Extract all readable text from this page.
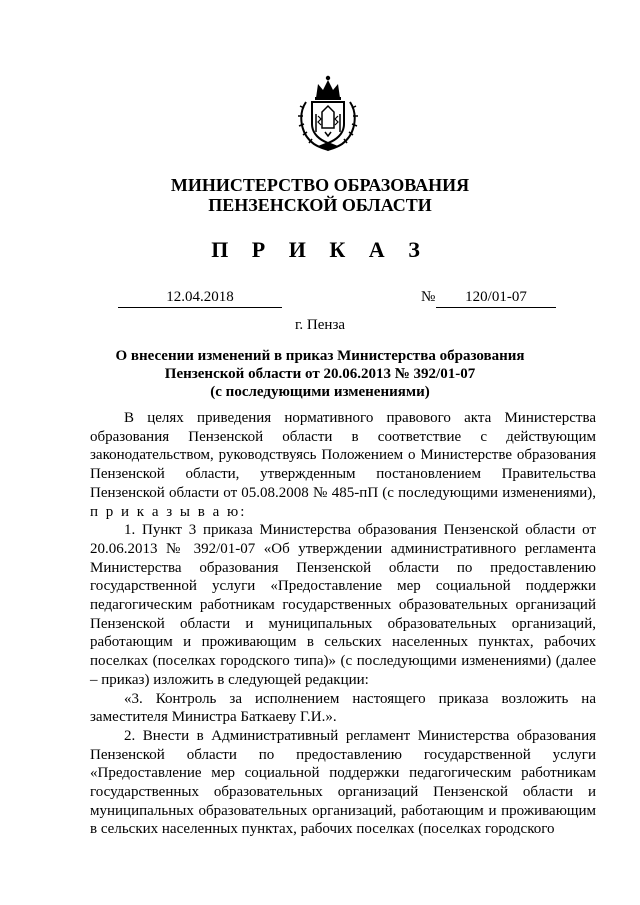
МИНИСТЕРСТВО ОБРАЗОВАНИЯ
ПЕНЗЕНСКОЙ ОБЛАСТИ
П Р И К А З
12.04.2018	№	120/01-07
г. Пенза
О внесении изменений в приказ Министерства образования
Пензенской области от 20.06.2013 № 392/01-07
(с последующими изменениями)

В целях приведения нормативного правового акта Министерства образования Пензенской области в соответствие с действующим законодательством, руководствуясь Положением о Министерстве образования Пензенской области, утвержденным постановлением Правительства Пензенской области от 05.08.2008 № 485-пП (с последующими изменениями), п р и к а з ы в а ю:

1. Пункт 3 приказа Министерства образования Пензенской области от 20.06.2013 № 392/01-07 «Об утверждении административного регламента Министерства образования Пензенской области по предоставлению государственной услуги «Предоставление мер социальной поддержки педагогическим работникам государственных образовательных организаций Пензенской области и муниципальных образовательных организаций, работающим и проживающим в сельских населенных пунктах, рабочих поселках (поселках городского типа)» (с последующими изменениями) (далее – приказ) изложить в следующей редакции:

«3. Контроль за исполнением настоящего приказа возложить на заместителя Министра Баткаеву Г.И.».

2. Внести в Административный регламент Министерства образования Пензенской области по предоставлению государственной услуги «Предоставление мер социальной поддержки педагогическим работникам государственных образовательных организаций Пензенской области и муниципальных образовательных организаций, работающим и проживающим в сельских населенных пунктах, рабочих поселках (поселках городского
